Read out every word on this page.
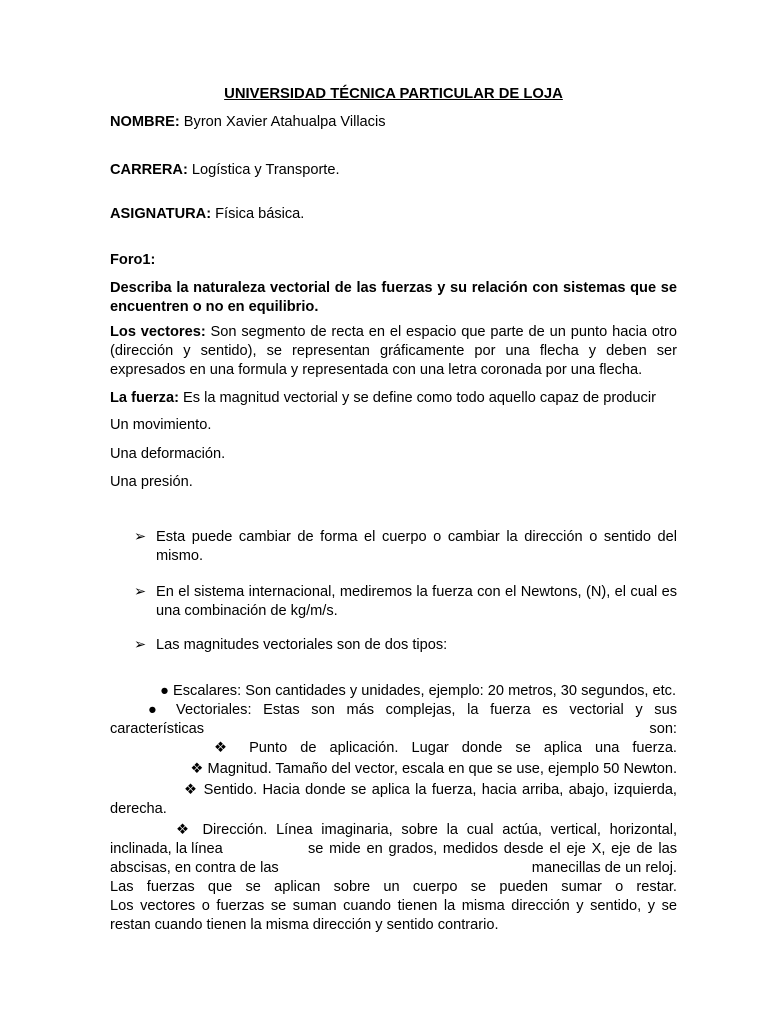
UNIVERSIDAD TÉCNICA PARTICULAR DE LOJA

NOMBRE: Byron Xavier Atahualpa Villacis

CARRERA: Logística y Transporte.

ASIGNATURA: Física básica.

Foro1:

Describa la naturaleza vectorial de las fuerzas y su relación con sistemas que se encuentren o no en equilibrio.

Los vectores: Son segmento de recta en el espacio que parte de un punto hacia otro (dirección y sentido), se representan gráficamente por una flecha y deben ser expresados en una formula y representada con una letra coronada por una flecha.

La fuerza: Es la magnitud vectorial y se define como todo aquello capaz de producir

Un movimiento.

Una deformación.

Una presión.

➢ Esta puede cambiar de forma el cuerpo o cambiar la dirección o sentido del mismo.
➢ En el sistema internacional, mediremos la fuerza con el Newtons, (N), el cual es una combinación de kg/m/s.
➢ Las magnitudes vectoriales son de dos tipos:

● Escalares: Son cantidades y unidades, ejemplo: 20 metros, 30 segundos, etc.

● Vectoriales: Estas son más complejas, la fuerza es vectorial y sus

características	son:

❖ Punto de aplicación. Lugar donde se aplica una fuerza.

❖ Magnitud. Tamaño del vector, escala en que se use, ejemplo 50 Newton.

❖ Sentido. Hacia donde se aplica la fuerza, hacia arriba, abajo, izquierda,

derecha.

❖ Dirección. Línea imaginaria, sobre la cual actúa, vertical, horizontal,

inclinada, la línea	se mide en grados, medidos desde el eje X, eje de las
abscisas, en contra de las	manecillas de un reloj.

Las fuerzas que se aplican sobre un cuerpo se pueden sumar o restar.

Los vectores o fuerzas se suman cuando tienen la misma dirección y sentido, y se restan cuando tienen la misma dirección y sentido contrario.
